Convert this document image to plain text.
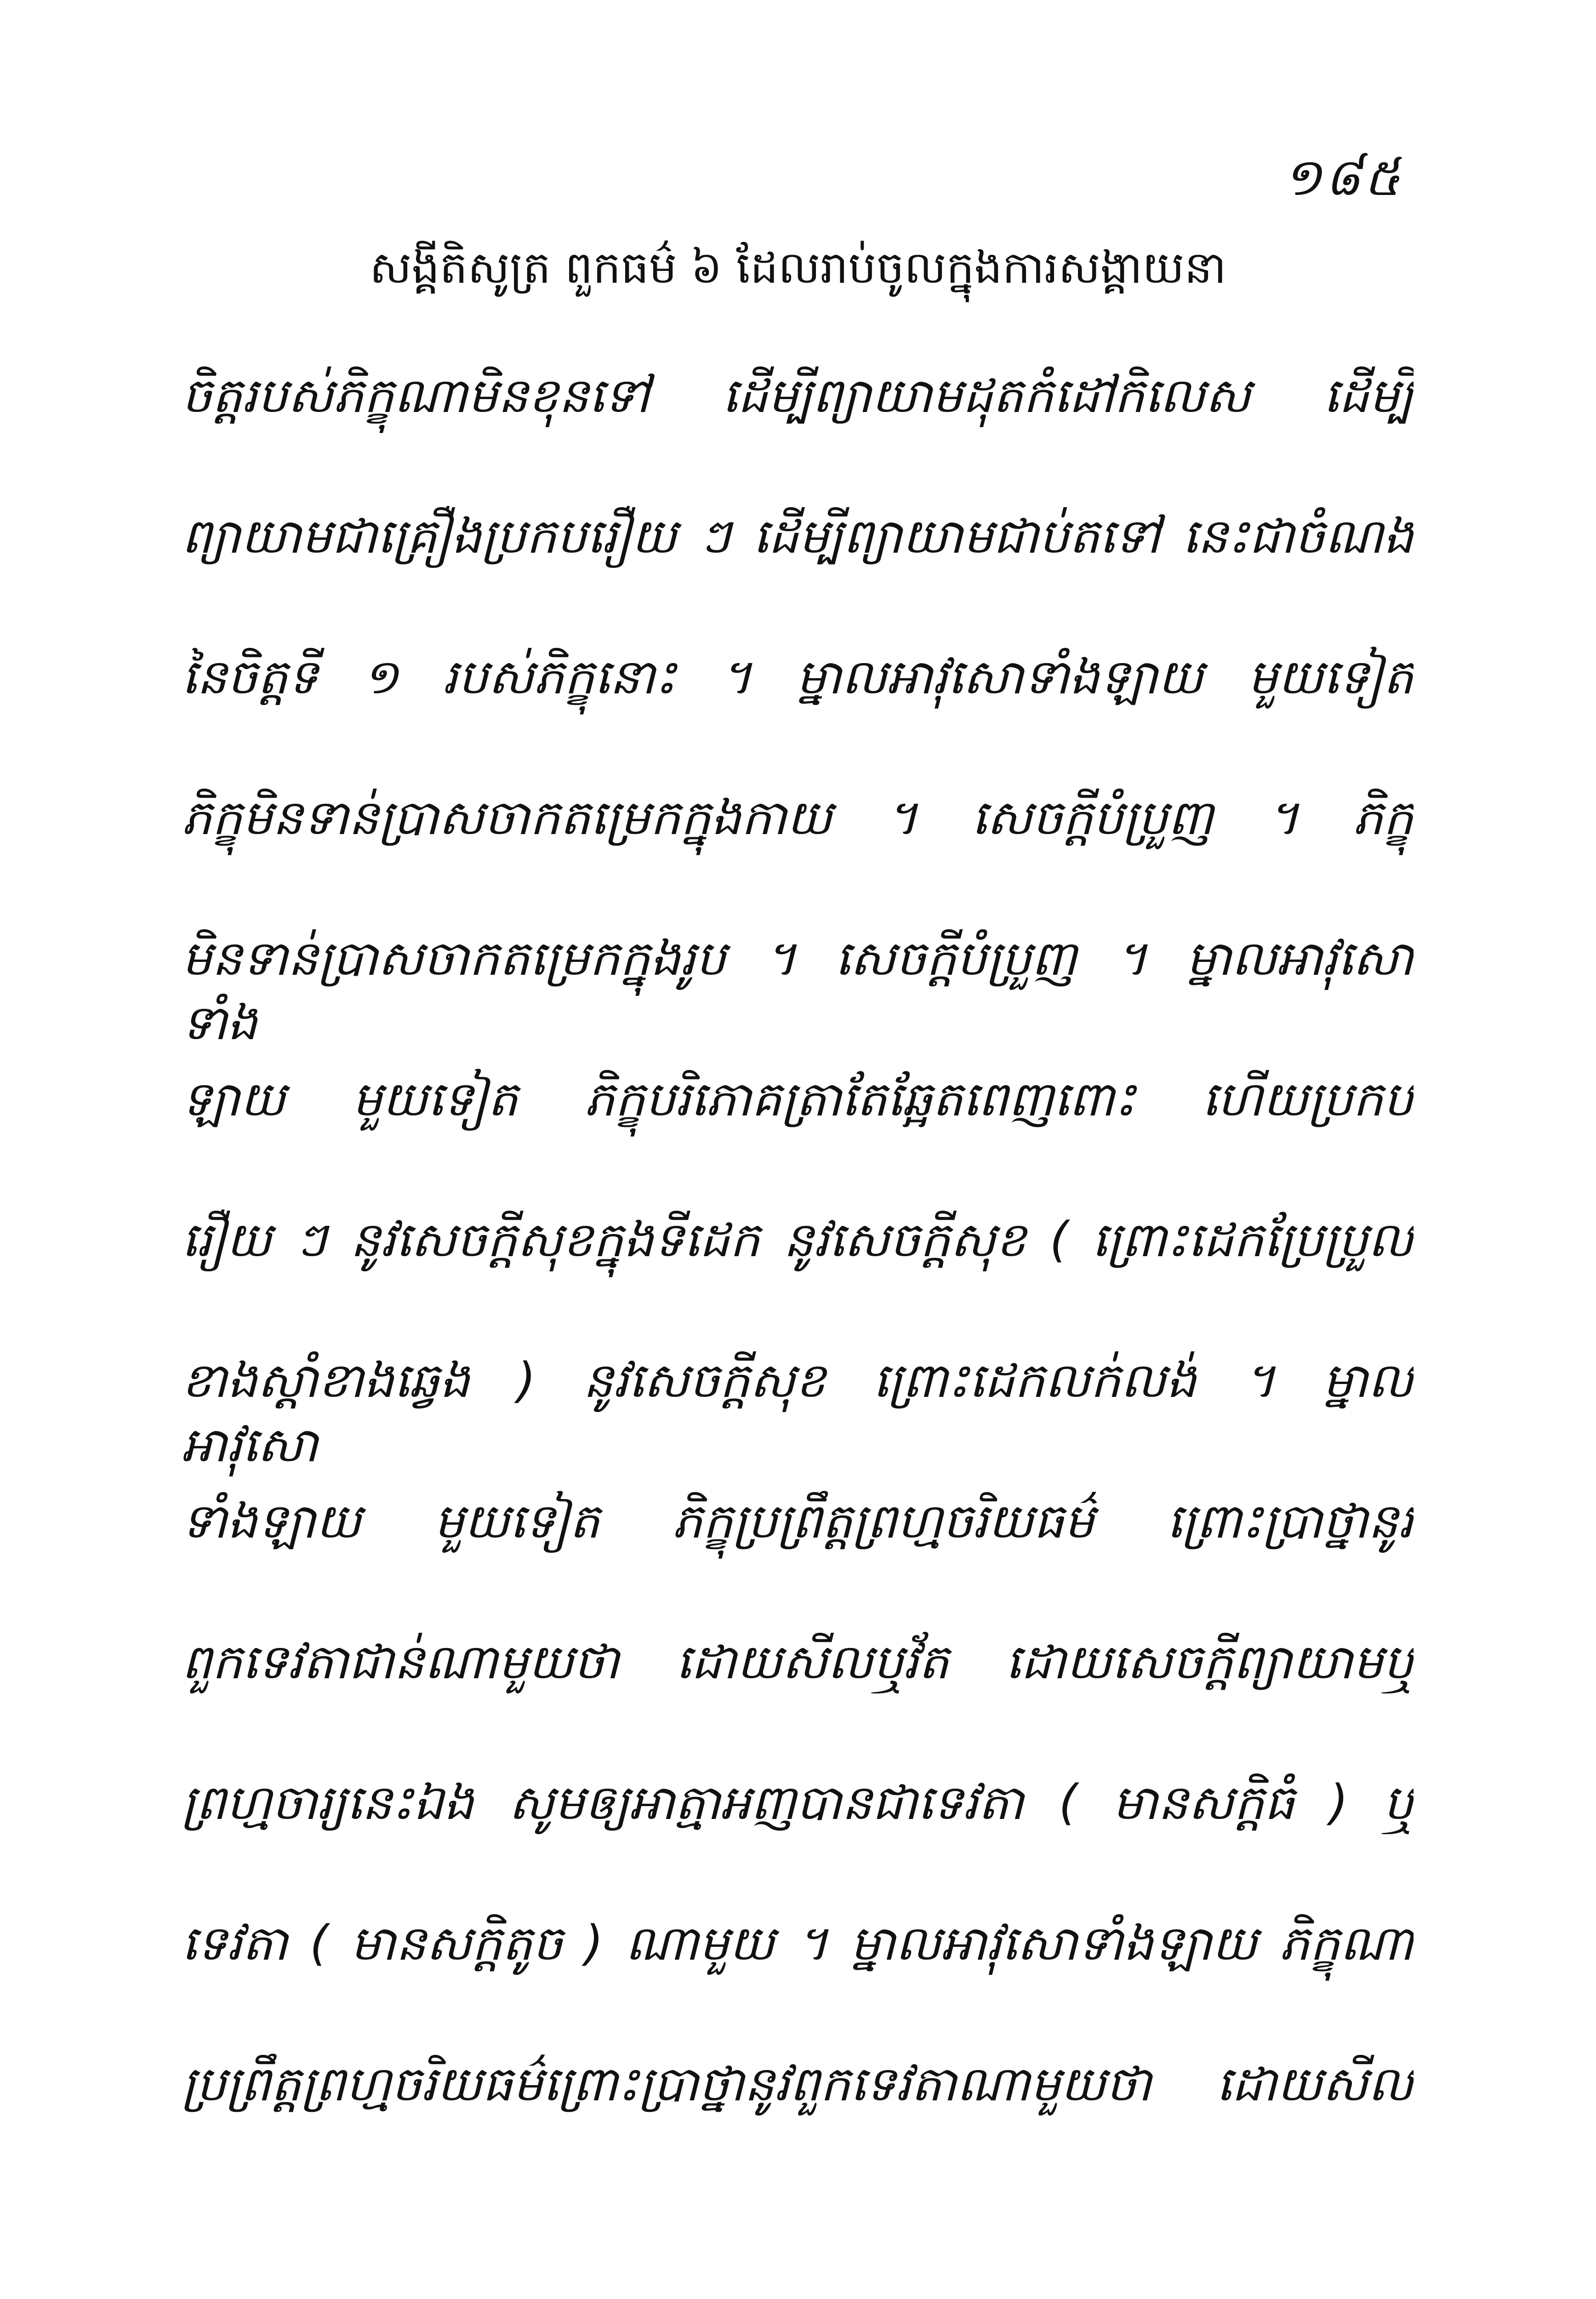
១៨៥
សង្គីតិសូត្រ ពួកធម៌ ៦ ដែលរាប់ចូលក្នុងការសង្គាយនា
ចិត្តរបស់ភិក្ខុណាមិនខុនទៅ ដើម្បីព្យាយាមដុតកំដៅកិលេស ដើម្បី
ព្យាយាមជាគ្រឿងប្រកបរឿយ ៗ ដើម្បីព្យាយាមជាប់តទៅ នេះជាចំណង
នៃចិត្តទី ១ របស់ភិក្ខុនោះ ។ ម្នាលអាវុសោទាំងឡាយ មួយទៀត
ភិក្ខុមិនទាន់ប្រាសចាកតម្រេកក្នុងកាយ ។ សេចក្តីបំប្រួញ ។ ភិក្ខុ
មិនទាន់ប្រាសចាកតម្រេកក្នុងរូប ។ សេចក្តីបំប្រួញ ។ ម្នាលអាវុសោទាំង
ឡាយ មួយទៀត ភិក្ខុបរិភោគត្រាតែឆ្អែតពេញពោះ ហើយប្រកប
រឿយ ៗ នូវសេចក្តីសុខក្នុងទីដេក នូវសេចក្តីសុខ ( ព្រោះដេកប្រែប្រួល
ខាងស្តាំខាងឆ្វេង ) នូវសេចក្តីសុខ ព្រោះដេកលក់លង់ ។ ម្នាលអាវុសោ
ទាំងឡាយ មួយទៀត ភិក្ខុប្រព្រឹត្តព្រហ្មចរិយធម៌ ព្រោះប្រាថ្នានូវ
ពួកទេវតាជាន់ណាមួយថា ដោយសីលឬវ័ត ដោយសេចក្តីព្យាយាមឬ
ព្រហ្មចារ្យនេះឯង សូមឲ្យអាត្មាអញបានជាទេវតា ( មានសក្តិធំ ) ឬ
ទេវតា ( មានសក្តិតូច ) ណាមួយ ។ ម្នាលអាវុសោទាំងឡាយ ភិក្ខុណា
ប្រព្រឹត្តព្រហ្មចរិយធម៌ព្រោះប្រាថ្នានូវពួកទេវតាណាមួយថា ដោយសីល
